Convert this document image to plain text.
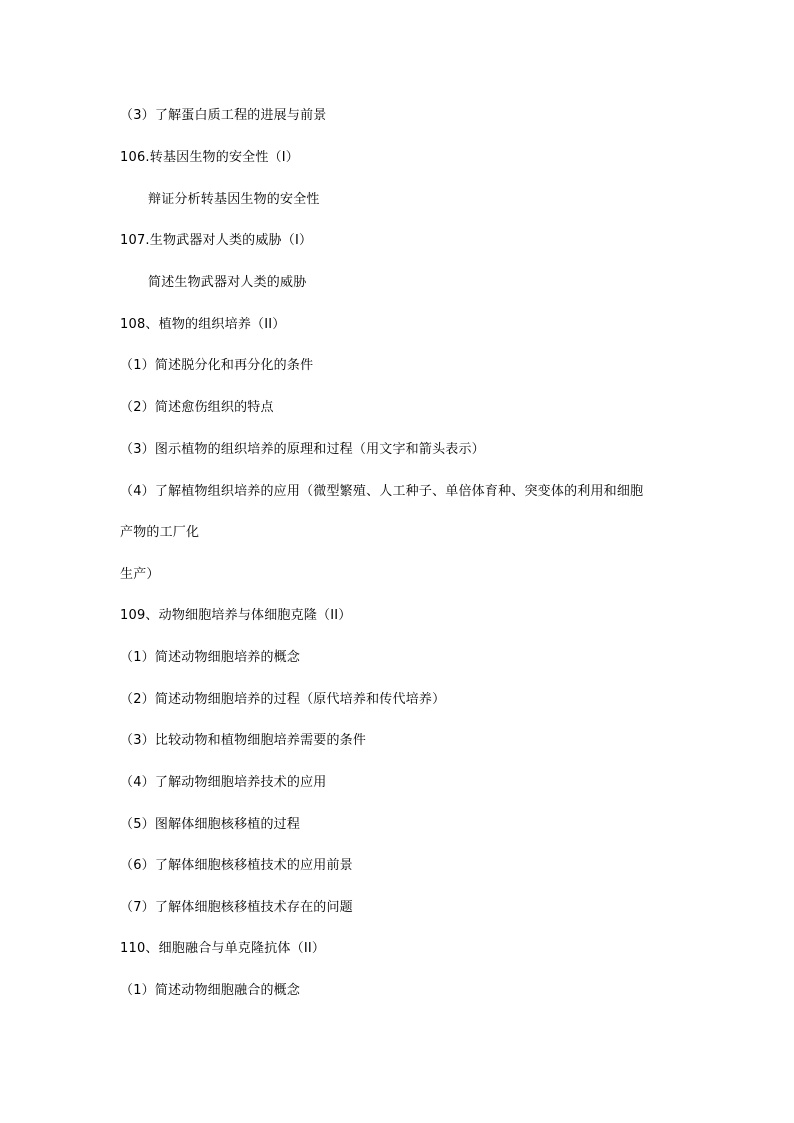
（3）了解蛋白质工程的进展与前景
106.转基因生物的安全性（I）
辩证分析转基因生物的安全性
107.生物武器对人类的威胁（I）
简述生物武器对人类的威胁
108、植物的组织培养（II）
（1）简述脱分化和再分化的条件
（2）简述愈伤组织的特点
（3）图示植物的组织培养的原理和过程（用文字和箭头表示）
（4）了解植物组织培养的应用（微型繁殖、人工种子、单倍体育种、突变体的利用和细胞
产物的工厂化
生产）
109、动物细胞培养与体细胞克隆（II）
（1）简述动物细胞培养的概念
（2）简述动物细胞培养的过程（原代培养和传代培养）
（3）比较动物和植物细胞培养需要的条件
（4）了解动物细胞培养技术的应用
（5）图解体细胞核移植的过程
（6）了解体细胞核移植技术的应用前景
（7）了解体细胞核移植技术存在的问题
110、细胞融合与单克隆抗体（II）
（1）简述动物细胞融合的概念
